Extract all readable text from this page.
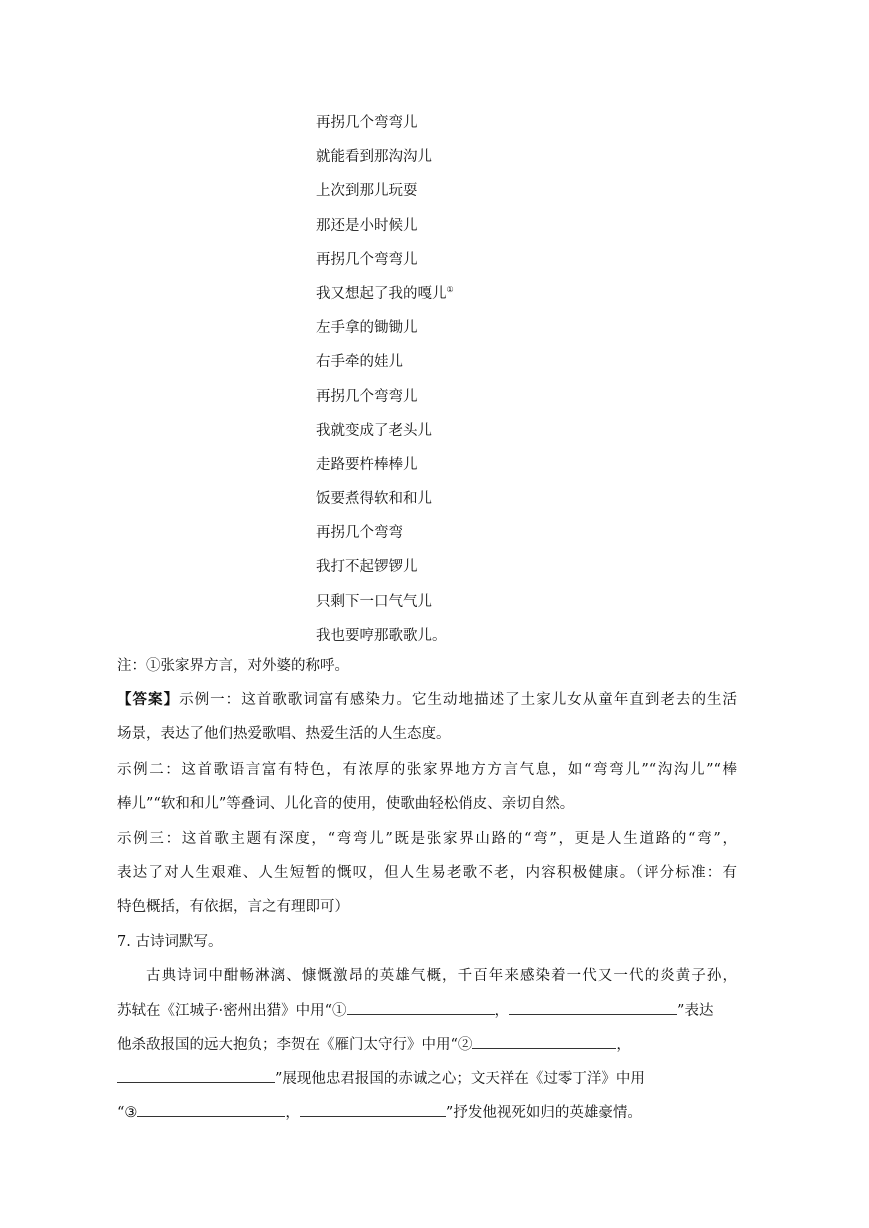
再拐几个弯弯儿
就能看到那沟沟儿
上次到那儿玩耍
那还是小时候儿
再拐几个弯弯儿
我又想起了我的嘎儿①
左手拿的锄锄儿
右手牵的娃儿
再拐几个弯弯儿
我就变成了老头儿
走路要杵棒棒儿
饭要煮得软和和儿
再拐几个弯弯
我打不起锣锣儿
只剩下一口气气儿
我也要哼那歌歌儿。
注：①张家界方言，对外婆的称呼。
【答案】示例一：这首歌歌词富有感染力。它生动地描述了土家儿女从童年直到老去的生活
场景，表达了他们热爱歌唱、热爱生活的人生态度。
示例二：这首歌语言富有特色，有浓厚的张家界地方方言气息，如“弯弯儿”“沟沟儿”“棒
棒儿”“软和和儿”等叠词、儿化音的使用，使歌曲轻松俏皮、亲切自然。
示例三：这首歌主题有深度，“弯弯儿”既是张家界山路的“弯”，更是人生道路的“弯”，
表达了对人生艰难、人生短暂的慨叹，但人生易老歌不老，内容积极健康。（评分标准：有
特色概括，有依据，言之有理即可）
7. 古诗词默写。
古典诗词中酣畅淋漓、慷慨激昂的英雄气概，千百年来感染着一代又一代的炎黄子孙，
苏轼在《江城子·密州出猎》中用“①	，	”表达
他杀敌报国的远大抱负；李贺在《雁门太守行》中用“②	，
”展现他忠君报国的赤诚之心；文天祥在《过零丁洋》中用
“③	，	”抒发他视死如归的英雄豪情。
